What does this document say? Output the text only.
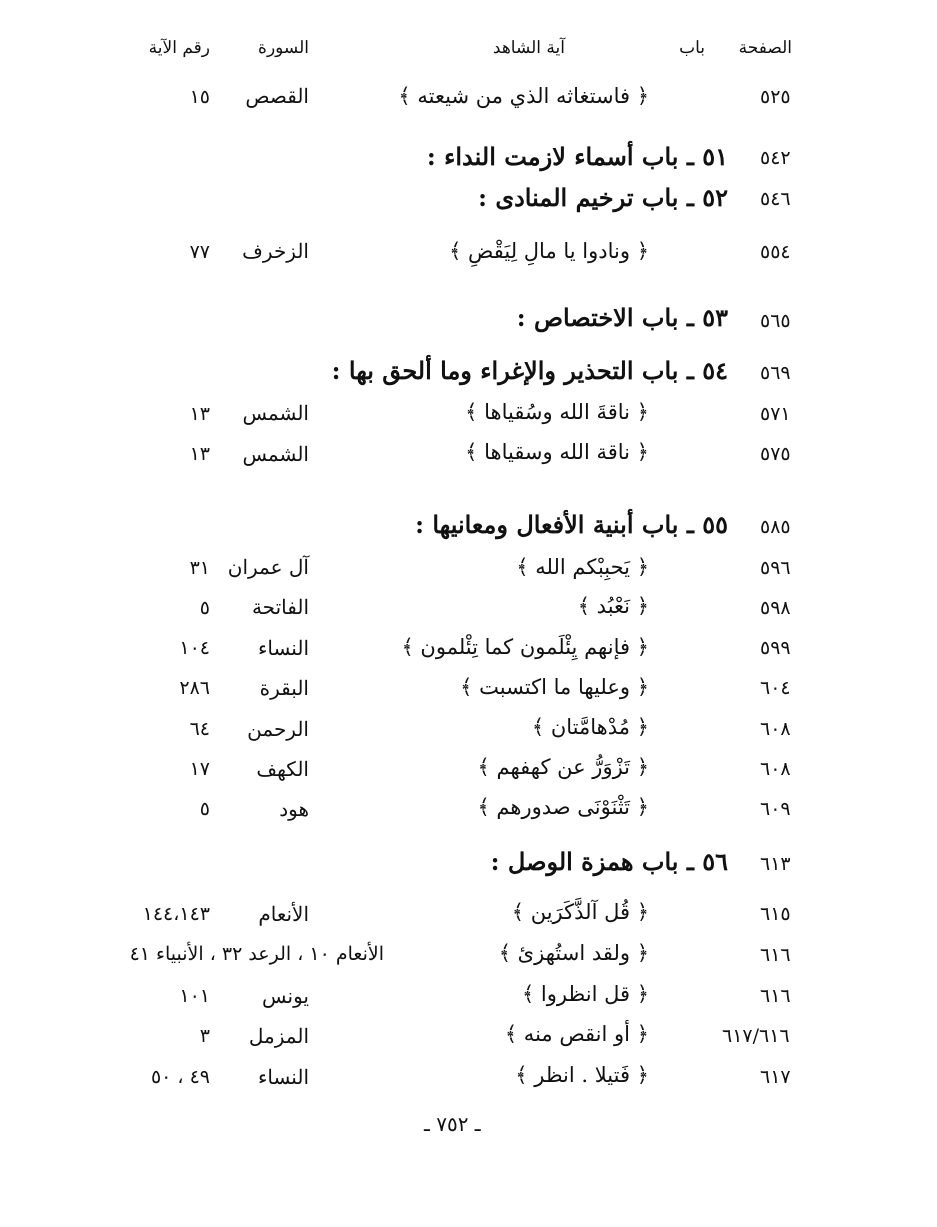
الصفحة
باب
آية الشاهد
السورة
رقم الآية
٥٢٥
﴿ فاستغاثه الذي من شيعته ﴾
القصص
١٥
٥٤٢
٥١ ـ باب أسماء لازمت النداء :
٥٤٦
٥٢ ـ باب ترخيم المنادى :
٥٥٤
﴿ ونادوا يا مالِ لِيَقْضِ ﴾
الزخرف
٧٧
٥٦٥
٥٣ ـ باب الاختصاص :
٥٦٩
٥٤ ـ باب التحذير والإغراء وما ألحق بها :
٥٧١
﴿ ناقةَ الله وسُقياها ﴾
الشمس
١٣
٥٧٥
﴿ ناقة الله وسقياها ﴾
الشمس
١٣
٥٨٥
٥٥ ـ باب أبنية الأفعال ومعانيها :
٥٩٦
﴿ يَحبِبْكم الله ﴾
آل عمران
٣١
٥٩٨
﴿ نَعْبُد ﴾
الفاتحة
٥
٥٩٩
﴿ فإنهم يِئْلَمون كما تِئْلمون ﴾
النساء
١٠٤
٦٠٤
﴿ وعليها ما اكتسبت ﴾
البقرة
٢٨٦
٦٠٨
﴿ مُدْهامَّتان ﴾
الرحمن
٦٤
٦٠٨
﴿ تَزْوَرُّ عن كهفهم ﴾
الكهف
١٧
٦٠٩
﴿ تَثْنَوْنَى صدورهم ﴾
هود
٥
٦١٣
٥٦ ـ باب همزة الوصل :
٦١٥
﴿ قُل آلذَّكَرَين ﴾
الأنعام
١٤٤،١٤٣
٦١٦
﴿ ولقد استُهزئ ﴾
الأنعام ١٠ ، الرعد ٣٢ ، الأنبياء ٤١
٦١٦
﴿ قل انظروا ﴾
يونس
١٠١
٦١٧/٦١٦
﴿ أو انقص منه ﴾
المزمل
٣
٦١٧
﴿ فَتيلا . انظر ﴾
النساء
٤٩ ، ٥٠
ـ ٧٥٢ ـ
